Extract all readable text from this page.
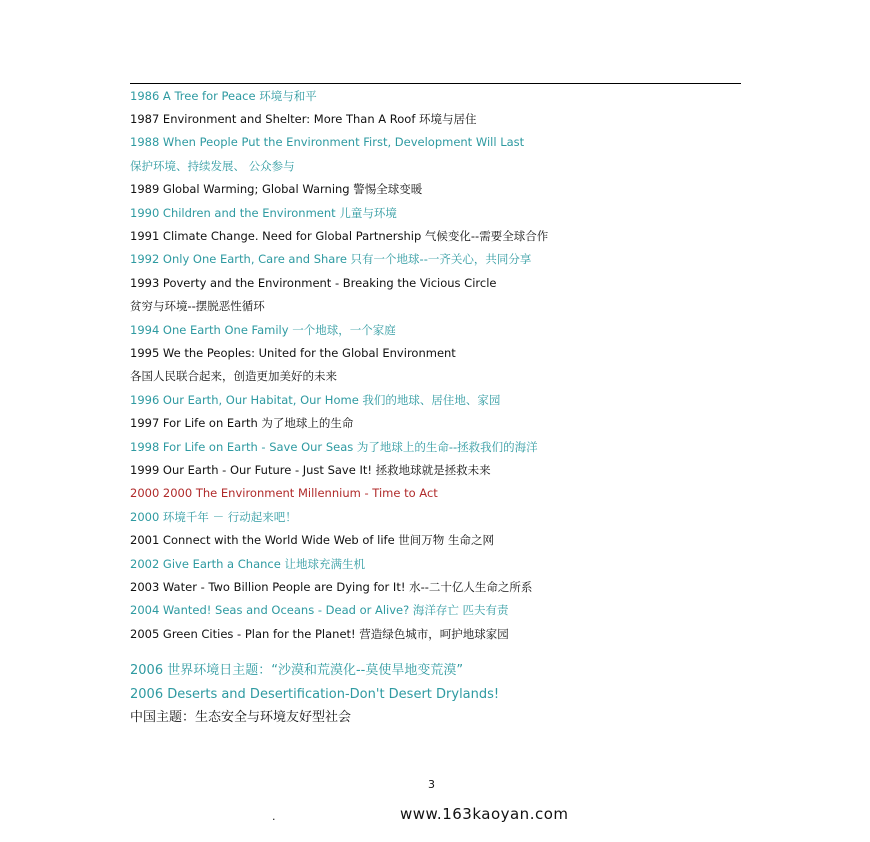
1986 A Tree for Peace 环境与和平
1987 Environment and Shelter: More Than A Roof 环境与居住
1988 When People Put the Environment First, Development Will Last
保护环境、持续发展、 公众参与
1989 Global Warming; Global Warning 警惕全球变暖
1990 Children and the Environment 儿童与环境
1991 Climate Change. Need for Global Partnership 气候变化--需要全球合作
1992 Only One Earth, Care and Share 只有一个地球--一齐关心，共同分享
1993 Poverty and the Environment - Breaking the Vicious Circle
贫穷与环境--摆脱恶性循环
1994 One Earth One Family 一个地球，一个家庭
1995 We the Peoples: United for the Global Environment
各国人民联合起来，创造更加美好的未来
1996 Our Earth, Our Habitat, Our Home 我们的地球、居住地、家园
1997 For Life on Earth 为了地球上的生命
1998 For Life on Earth - Save Our Seas 为了地球上的生命--拯救我们的海洋
1999 Our Earth - Our Future - Just Save It! 拯救地球就是拯救未来
2000 2000 The Environment Millennium - Time to Act
2000 环境千年 － 行动起来吧！
2001 Connect with the World Wide Web of life 世间万物 生命之网
2002 Give Earth a Chance 让地球充满生机
2003 Water - Two Billion People are Dying for It! 水--二十亿人生命之所系
2004 Wanted! Seas and Oceans - Dead or Alive? 海洋存亡 匹夫有责
2005 Green Cities - Plan for the Planet! 营造绿色城市，呵护地球家园
2006 世界环境日主题：“沙漠和荒漠化--莫使旱地变荒漠”
2006 Deserts and Desertification-Don't Desert Drylands!
中国主题：生态安全与环境友好型社会
3
.	www.163kaoyan.com
